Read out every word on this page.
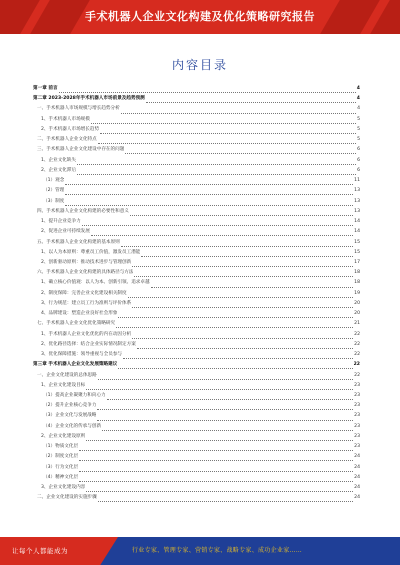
手术机器人企业文化构建及优化策略研究报告
内容目录
第一章 前言	4
第二章 2023-2028年手术机器人市场前景及趋势预测	4
一、手术机器人市场规模与增长趋势分析	4
1、手术机器人市场规模	5
2、手术机器人市场增长趋势	5
二、手术机器人企业文化特点	5
三、手术机器人企业文化建设中存在的问题	6
1、企业文化缺失	6
2、企业文化滞后	6
（1）观念	11
（2）管理	13
（3）制度	13
四、手术机器人企业文化构建的必要性和意义	13
1、提升企业竞争力	14
2、促进企业可持续发展	14
五、手术机器人企业文化构建的基本原则	15
1、以人为本原则：尊重员工价值，激发员工潜能	15
2、创新驱动原则：推动技术进步与管理创新	17
六、手术机器人企业文化构建的具体路径与方法	18
1、确立核心价值观：以人为本、创新引领、追求卓越	18
2、制度保障：完善企业文化建设相关制度	19
3、行为规范：建立员工行为准则与评价体系	20
4、品牌建设：塑造企业良好社会形象	20
七、手术机器人企业文化优化策略研究	21
1、手术机器人企业文化优化的内在动因分析	22
2、优化路径选择：结合企业实际情况制定方案	22
3、优化保障措施：领导重视与全员参与	22
第三章 手术机器人企业文化发展策略建议	22
一、企业文化建设的总体思路	22
1、企业文化建设目标	23
（1）提高企业凝聚力和向心力	23
（2）提升企业核心竞争力	23
（3）企业文化与发展战略	23
（4）企业文化的传承与创新	23
2、企业文化建设原则	23
（1）物质文化层	23
（2）制度文化层	24
（3）行为文化层	24
（4）精神文化层	24
3、企业文化建设内容	24
二、企业文化建设的实施步骤	24
让每个人都能成为	行业专家、管理专家、营销专家、战略专家、成功企业家……
